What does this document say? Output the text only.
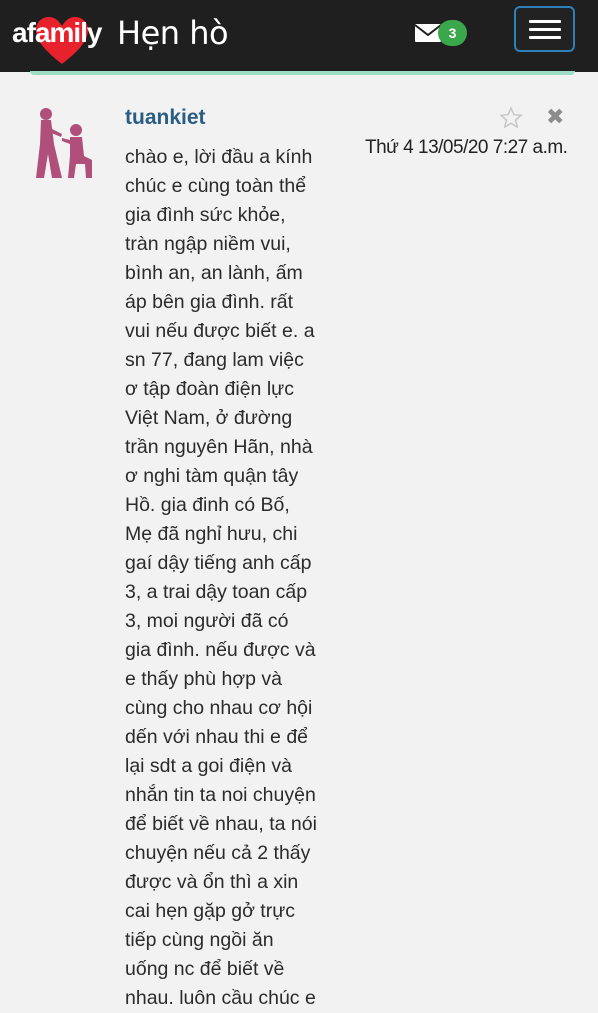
afamily Hẹn hò	3
tuankiet	✖
Thứ 4 13/05/20 7:27 a.m.
chào e, lời đầu a kính
chúc e cùng toàn thể
gia đình sức khỏe,
tràn ngập niềm vui,
bình an, an lành, ấm
áp bên gia đình. rất
vui nếu được biết e. a
sn 77, đang lam việc
ơ tập đoàn điện lực
Việt Nam, ở đường
trần nguyên Hãn, nhà
ơ nghi tàm quận tây
Hồ. gia đinh có Bố,
Mẹ đã nghỉ hưu, chi
gaí dậy tiếng anh cấp
3, a trai dậy toan cấp
3, moi người đã có
gia đình. nếu được và
e thấy phù hợp và
cùng cho nhau cơ hội
dến với nhau thi e để
lại sdt a goi điện và
nhắn tin ta noi chuyện
để biết về nhau, ta nói
chuyện nếu cả 2 thấy
được và ổn thì a xin
cai hẹn gặp gở trực
tiếp cùng ngồi ăn
uống nc để biết về
nhau. luôn cầu chúc e
